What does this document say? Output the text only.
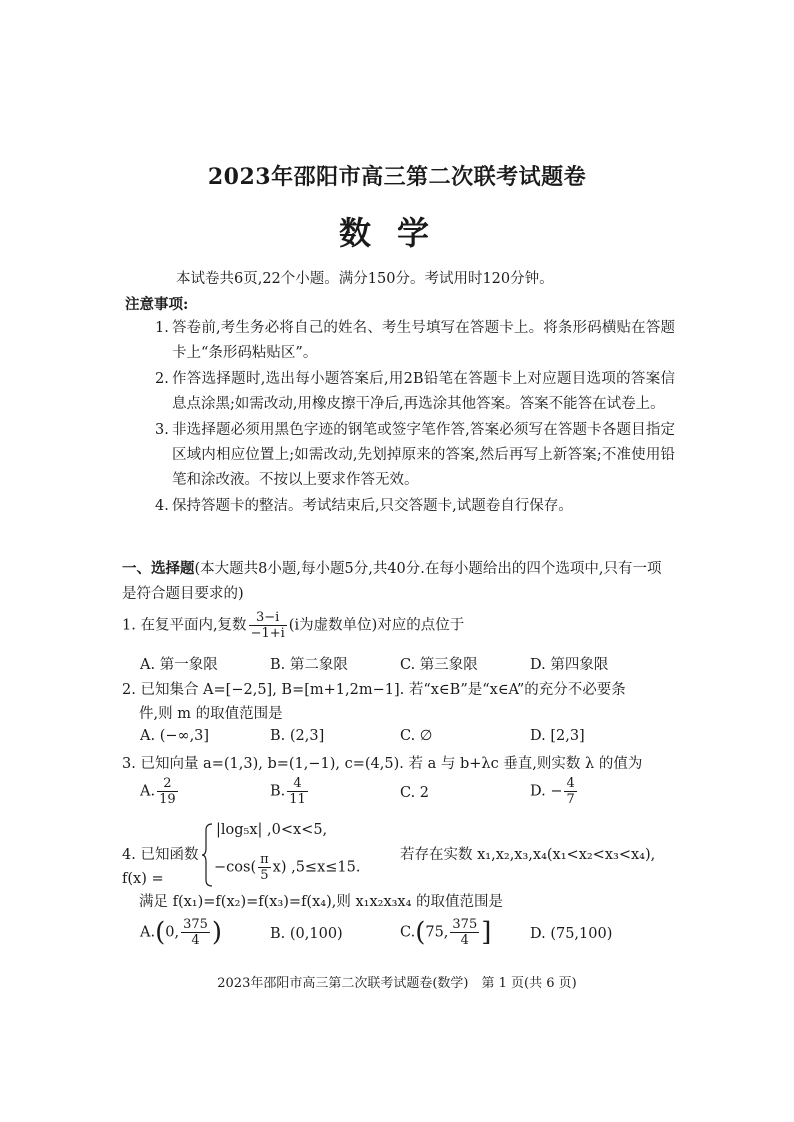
2023年邵阳市高三第二次联考试题卷
数学
本试卷共6页,22个小题。满分150分。考试用时120分钟。
注意事项:
1. 答卷前,考生务必将自己的姓名、考生号填写在答题卡上。将条形码横贴在答题卡上“条形码粘贴区”。
2. 作答选择题时,选出每小题答案后,用2B铅笔在答题卡上对应题目选项的答案信息点涂黑;如需改动,用橡皮擦干净后,再选涂其他答案。答案不能答在试卷上。
3. 非选择题必须用黑色字迹的钢笔或签字笔作答,答案必须写在答题卡各题目指定区域内相应位置上;如需改动,先划掉原来的答案,然后再写上新答案;不准使用铅笔和涂改液。不按以上要求作答无效。
4. 保持答题卡的整洁。考试结束后,只交答题卡,试题卷自行保存。
一、选择题(本大题共8小题,每小题5分,共40分.在每小题给出的四个选项中,只有一项是符合题目要求的)
1. 在复平面内,复数 $\frac{3-i}{-1+i} (i$为虚数单位)对应的点位于
A. 第一象限	B. 第二象限	C. 第三象限	D. 第四象限
2. 已知集合 A=[−2,5], B=[m+1,2m−1]. 若“x∈B”是“x∈A”的充分不必要条
件,则 m 的取值范围是
A. (−∞,3]	B. (2,3]	C. ∅	D. [2,3]
3. 已知向量 a=(1,3), b=(1,−1), c=(4,5). 若 a 与 b+λc 垂直,则实数 λ 的值为
A. $\frac{2}{19}$	B. $\frac{4}{11}$	C. 2	D. − $\frac{4}{7}$
4. 已知函数 f(x) =
|log₅x| ,0<x<5,
$-\cos( \frac{\pi}{5} x)$ ,5≤x≤15.
若存在实数 x₁,x₂,x₃,x₄(x₁<x₂<x₃<x₄),
满足 f(x₁)=f(x₂)=f(x₃)=f(x₄),则 x₁x₂x₃x₄ 的取值范围是
A.(0, $\frac{375}{4}$ )	B. (0,100)	C.(75, $\frac{375}{4}$ ]	D. (75,100)
2023年邵阳市高三第二次联考试题卷(数学)　第 1 页(共 6 页)
